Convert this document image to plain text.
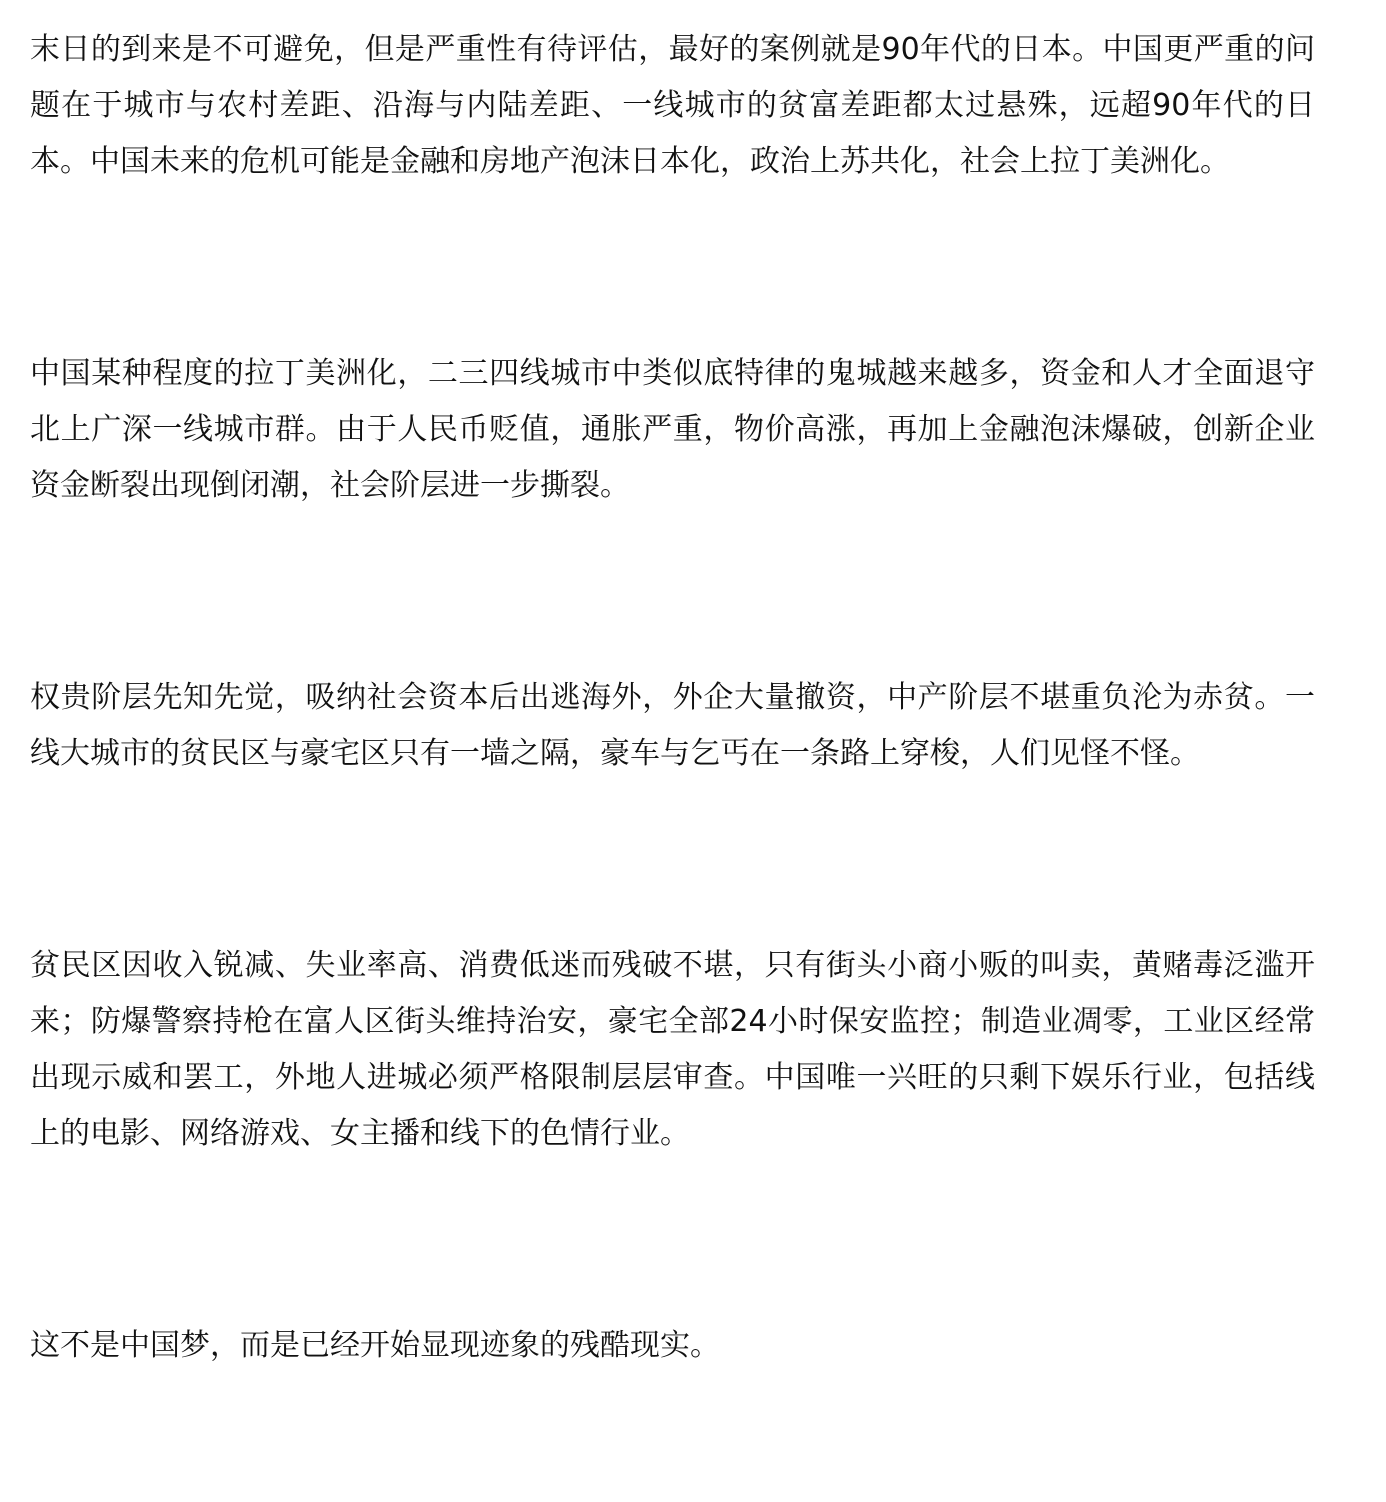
末日的到来是不可避免，但是严重性有待评估，最好的案例就是90年代的日本。中国更严重的问题在于城市与农村差距、沿海与内陆差距、一线城市的贫富差距都太过悬殊，远超90年代的日本。中国未来的危机可能是金融和房地产泡沫日本化，政治上苏共化，社会上拉丁美洲化。

中国某种程度的拉丁美洲化，二三四线城市中类似底特律的鬼城越来越多，资金和人才全面退守北上广深一线城市群。由于人民币贬值，通胀严重，物价高涨，再加上金融泡沫爆破，创新企业资金断裂出现倒闭潮，社会阶层进一步撕裂。

权贵阶层先知先觉，吸纳社会资本后出逃海外，外企大量撤资，中产阶层不堪重负沦为赤贫。一线大城市的贫民区与豪宅区只有一墙之隔，豪车与乞丐在一条路上穿梭，人们见怪不怪。

贫民区因收入锐减、失业率高、消费低迷而残破不堪，只有街头小商小贩的叫卖，黄赌毒泛滥开来；防爆警察持枪在富人区街头维持治安，豪宅全部24小时保安监控；制造业凋零，工业区经常出现示威和罢工，外地人进城必须严格限制层层审查。中国唯一兴旺的只剩下娱乐行业，包括线上的电影、网络游戏、女主播和线下的色情行业。

这不是中国梦，而是已经开始显现迹象的残酷现实。
